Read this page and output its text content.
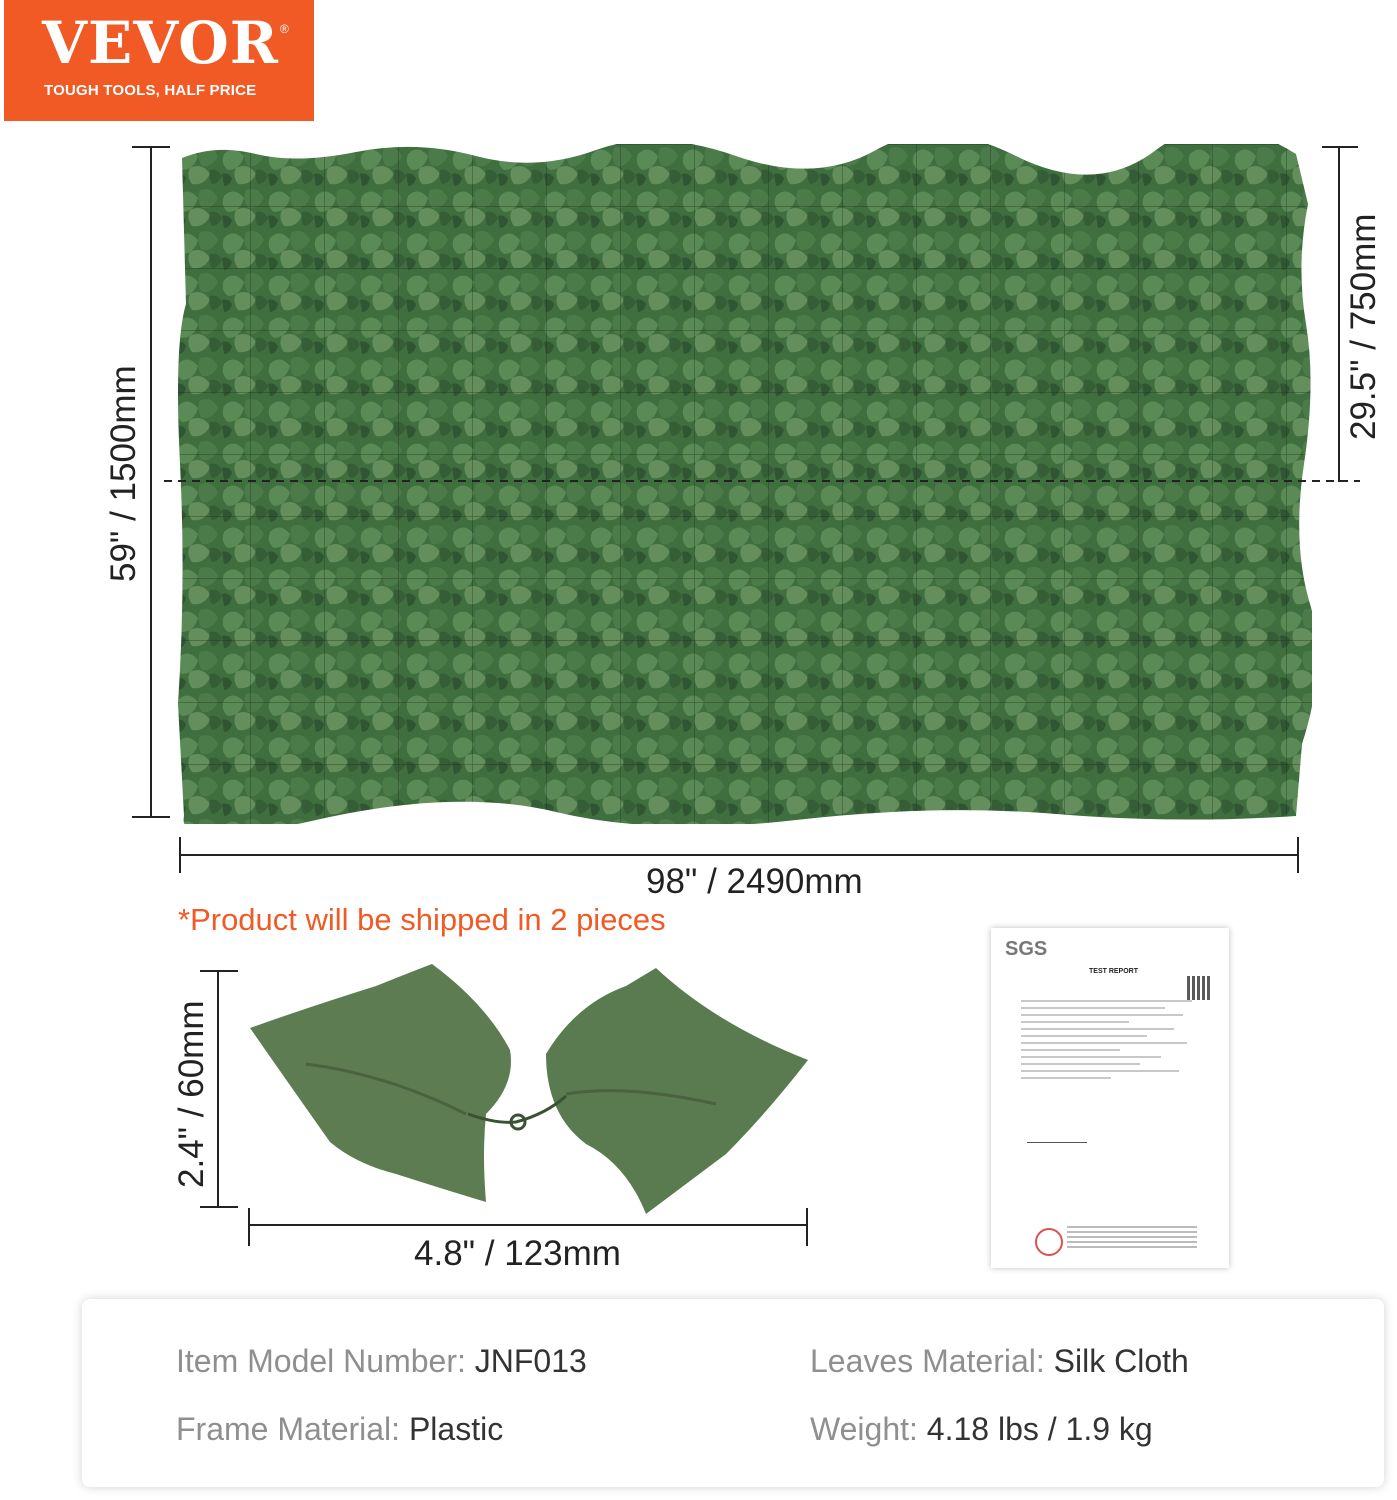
VEVOR ®
TOUGH TOOLS, HALF PRICE
59" / 1500mm
29.5" / 750mm
98" / 2490mm
*Product will be shipped in 2 pieces
2.4" / 60mm
4.8" / 123mm
SGS
TEST REPORT
Item Model Number: JNF013	Leaves Material: Silk Cloth
Frame Material: Plastic	Weight: 4.18 lbs / 1.9 kg
